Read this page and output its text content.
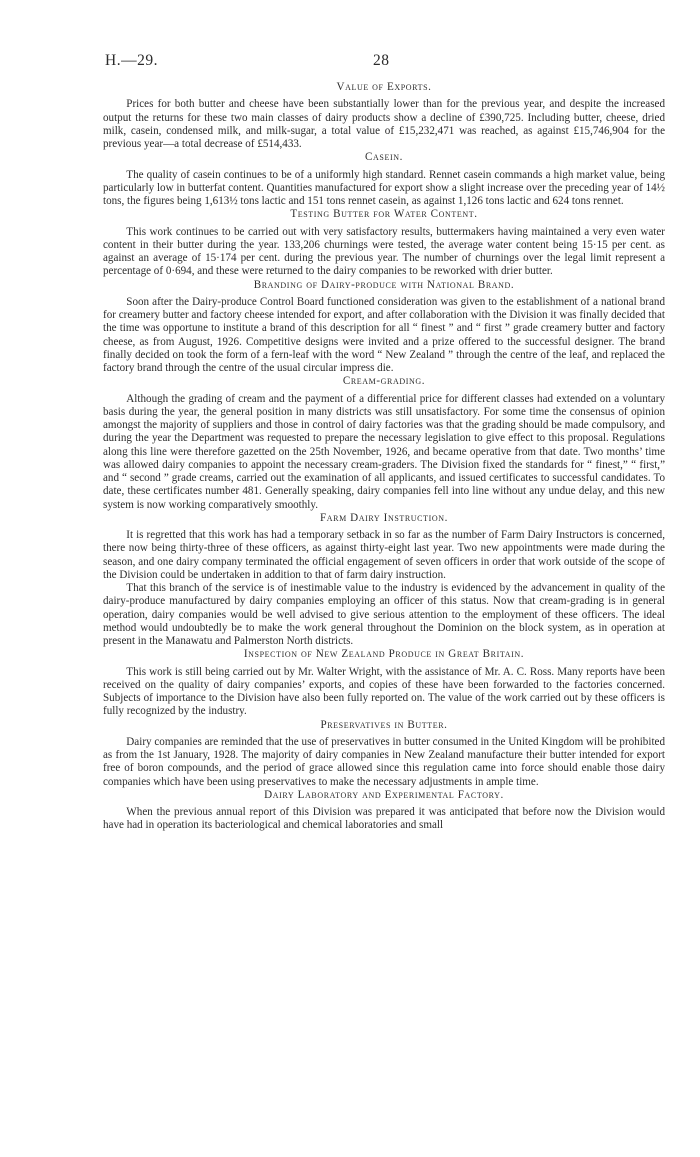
H.—29.	28
Value of Exports.

Prices for both butter and cheese have been substantially lower than for the previous year, and despite the increased output the returns for these two main classes of dairy products show a decline of £390,725. Including butter, cheese, dried milk, casein, condensed milk, and milk-sugar, a total value of £15,232,471 was reached, as against £15,746,904 for the previous year—a total decrease of £514,433.

Casein.

The quality of casein continues to be of a uniformly high standard. Rennet casein commands a high market value, being particularly low in butterfat content. Quantities manufactured for export show a slight increase over the preceding year of 14½ tons, the figures being 1,613½ tons lactic and 151 tons rennet casein, as against 1,126 tons lactic and 624 tons rennet.

Testing Butter for Water Content.

This work continues to be carried out with very satisfactory results, buttermakers having maintained a very even water content in their butter during the year. 133,206 churnings were tested, the average water content being 15·15 per cent. as against an average of 15·174 per cent. during the previous year. The number of churnings over the legal limit represent a percentage of 0·694, and these were returned to the dairy companies to be reworked with drier butter.

Branding of Dairy-produce with National Brand.

Soon after the Dairy-produce Control Board functioned consideration was given to the establishment of a national brand for creamery butter and factory cheese intended for export, and after collaboration with the Division it was finally decided that the time was opportune to institute a brand of this description for all “ finest ” and “ first ” grade creamery butter and factory cheese, as from August, 1926. Competitive designs were invited and a prize offered to the successful designer. The brand finally decided on took the form of a fern-leaf with the word “ New Zealand ” through the centre of the leaf, and replaced the factory brand through the centre of the usual circular impress die.

Cream-grading.

Although the grading of cream and the payment of a differential price for different classes had extended on a voluntary basis during the year, the general position in many districts was still unsatisfactory. For some time the consensus of opinion amongst the majority of suppliers and those in control of dairy factories was that the grading should be made compulsory, and during the year the Department was requested to prepare the necessary legislation to give effect to this proposal. Regulations along this line were therefore gazetted on the 25th November, 1926, and became operative from that date. Two months’ time was allowed dairy companies to appoint the necessary cream-graders. The Division fixed the standards for “ finest,” “ first,” and “ second ” grade creams, carried out the examination of all applicants, and issued certificates to successful candidates. To date, these certificates number 481. Generally speaking, dairy companies fell into line without any undue delay, and this new system is now working comparatively smoothly.

Farm Dairy Instruction.

It is regretted that this work has had a temporary setback in so far as the number of Farm Dairy Instructors is concerned, there now being thirty-three of these officers, as against thirty-eight last year. Two new appointments were made during the season, and one dairy company terminated the official engagement of seven officers in order that work outside of the scope of the Division could be undertaken in addition to that of farm dairy instruction.

That this branch of the service is of inestimable value to the industry is evidenced by the advancement in quality of the dairy-produce manufactured by dairy companies employing an officer of this status. Now that cream-grading is in general operation, dairy companies would be well advised to give serious attention to the employment of these officers. The ideal method would undoubtedly be to make the work general throughout the Dominion on the block system, as in operation at present in the Manawatu and Palmerston North districts.

Inspection of New Zealand Produce in Great Britain.

This work is still being carried out by Mr. Walter Wright, with the assistance of Mr. A. C. Ross. Many reports have been received on the quality of dairy companies’ exports, and copies of these have been forwarded to the factories concerned. Subjects of importance to the Division have also been fully reported on. The value of the work carried out by these officers is fully recognized by the industry.

Preservatives in Butter.

Dairy companies are reminded that the use of preservatives in butter consumed in the United Kingdom will be prohibited as from the 1st January, 1928. The majority of dairy companies in New Zealand manufacture their butter intended for export free of boron compounds, and the period of grace allowed since this regulation came into force should enable those dairy companies which have been using preservatives to make the necessary adjustments in ample time.

Dairy Laboratory and Experimental Factory.

When the previous annual report of this Division was prepared it was anticipated that before now the Division would have had in operation its bacteriological and chemical laboratories and small
